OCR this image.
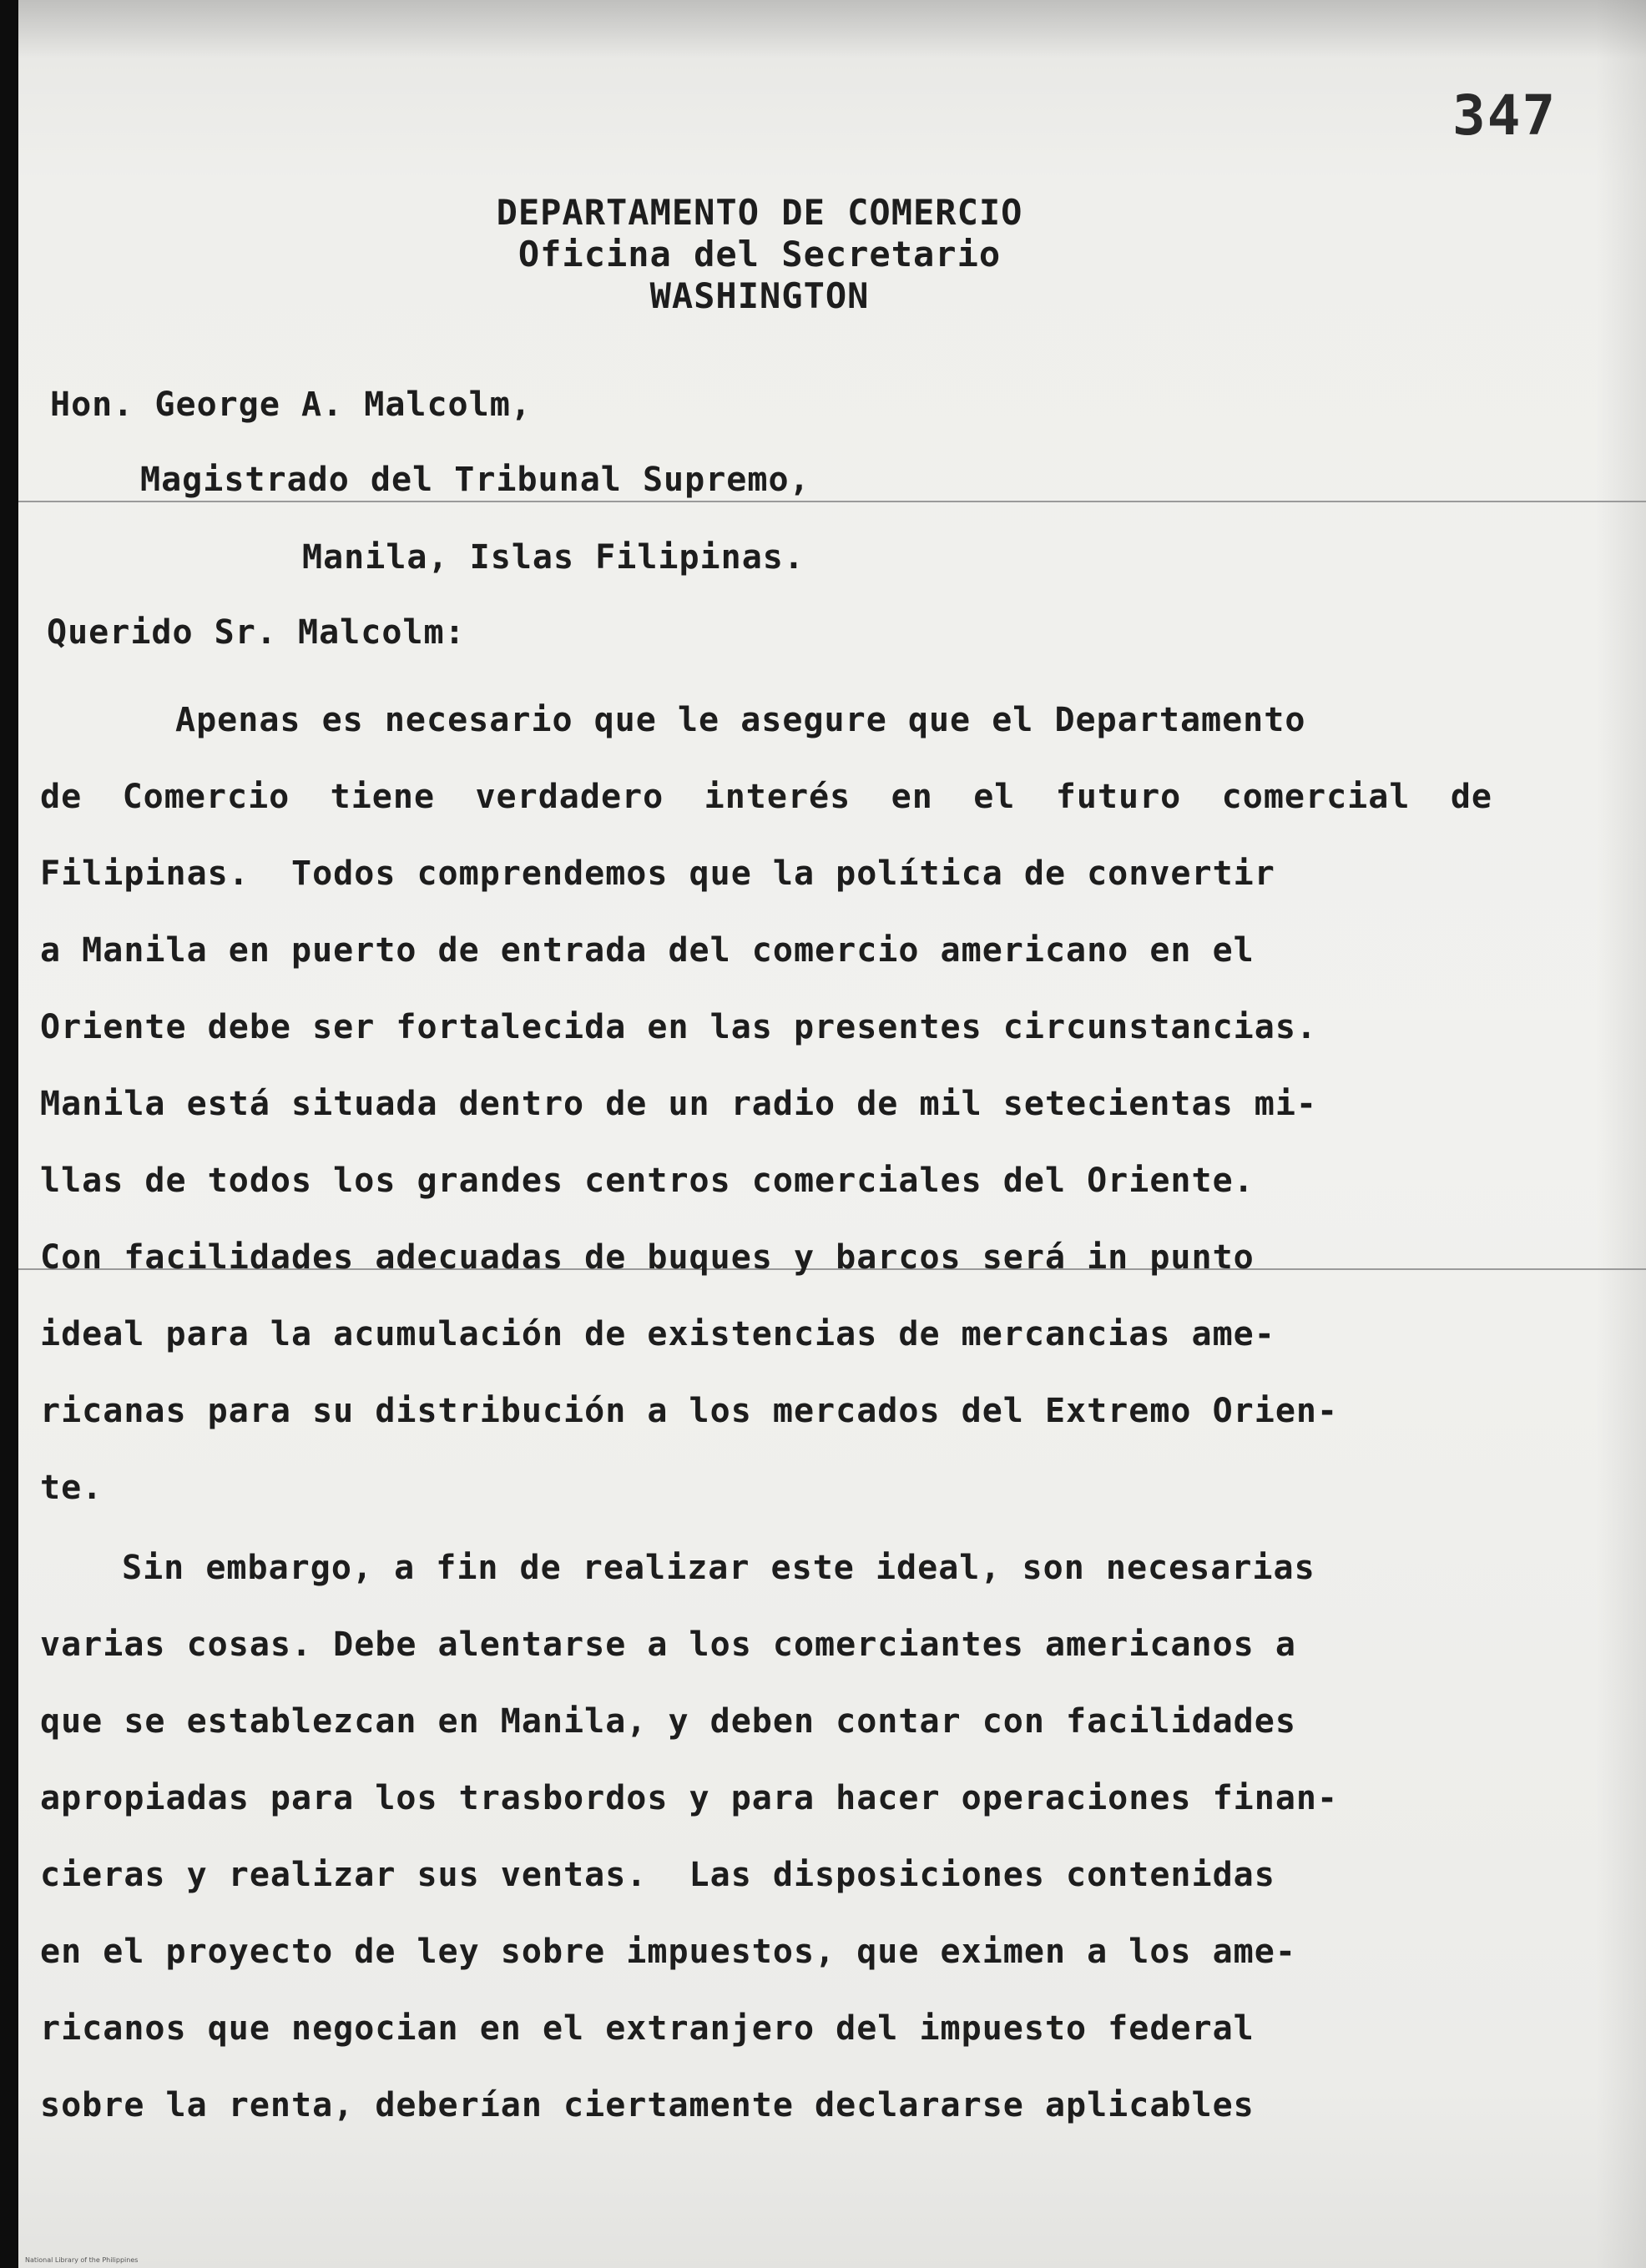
347
DEPARTAMENTO DE COMERCIO
Oficina del Secretario
WASHINGTON
Hon. George A. Malcolm,
Magistrado del Tribunal Supremo,
Manila, Islas Filipinas.
Querido Sr. Malcolm:
Apenas es necesario que le asegure que el Departamento
de Comercio tiene verdadero interés en el futuro comercial de
Filipinas.  Todos comprendemos que la política de convertir
a Manila en puerto de entrada del comercio americano en el
Oriente debe ser fortalecida en las presentes circunstancias.
Manila está situada dentro de un radio de mil setecientas mi-
llas de todos los grandes centros comerciales del Oriente.
Con facilidades adecuadas de buques y barcos será in punto
ideal para la acumulación de existencias de mercancias ame-
ricanas para su distribución a los mercados del Extremo Orien-
te.
Sin embargo, a fin de realizar este ideal, son necesarias
varias cosas. Debe alentarse a los comerciantes americanos a
que se establezcan en Manila, y deben contar con facilidades
apropiadas para los trasbordos y para hacer operaciones finan-
cieras y realizar sus ventas.  Las disposiciones contenidas
en el proyecto de ley sobre impuestos, que eximen a los ame-
ricanos que negocian en el extranjero del impuesto federal
sobre la renta, deberían ciertamente declararse aplicables
National Library of the Philippines
